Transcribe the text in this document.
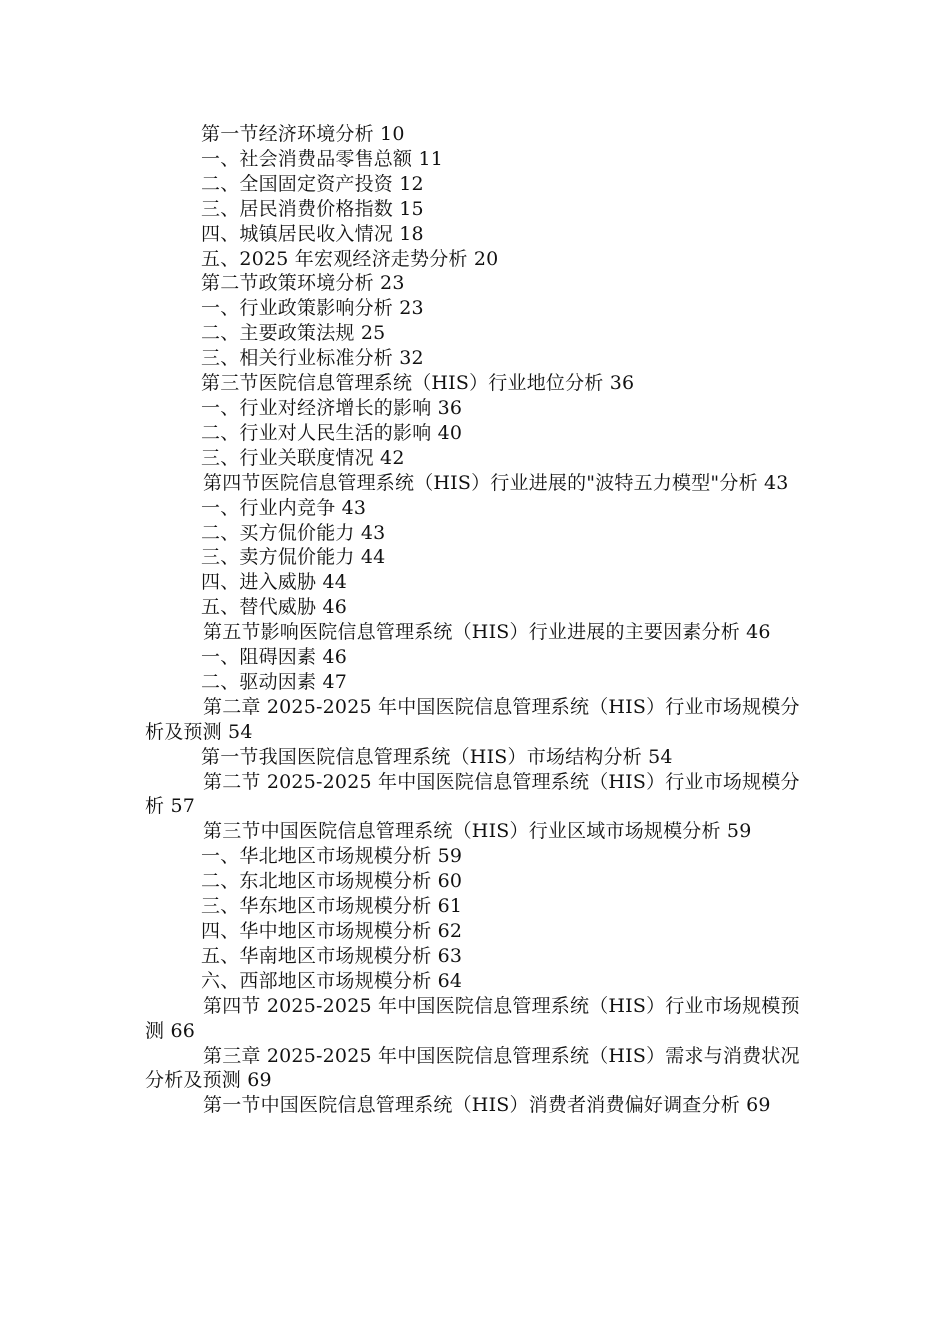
第一节经济环境分析 10

一、社会消费品零售总额 11

二、全国固定资产投资 12

三、居民消费价格指数 15

四、城镇居民收入情况 18

五、2025 年宏观经济走势分析 20

第二节政策环境分析 23

一、行业政策影响分析 23

二、主要政策法规 25

三、相关行业标准分析 32

第三节医院信息管理系统（HIS）行业地位分析 36

一、行业对经济增长的影响 36

二、行业对人民生活的影响 40

三、行业关联度情况 42

第四节医院信息管理系统（HIS）行业进展的"波特五力模型"分析 43

一、行业内竞争 43

二、买方侃价能力 43

三、卖方侃价能力 44

四、进入威胁 44

五、替代威胁 46

第五节影响医院信息管理系统（HIS）行业进展的主要因素分析 46

一、阻碍因素 46

二、驱动因素 47

第二章 2025-2025 年中国医院信息管理系统（HIS）行业市场规模分析及预测 54

第一节我国医院信息管理系统（HIS）市场结构分析 54

第二节 2025-2025 年中国医院信息管理系统（HIS）行业市场规模分析 57

第三节中国医院信息管理系统（HIS）行业区域市场规模分析 59

一、华北地区市场规模分析 59

二、东北地区市场规模分析 60

三、华东地区市场规模分析 61

四、华中地区市场规模分析 62

五、华南地区市场规模分析 63

六、西部地区市场规模分析 64

第四节 2025-2025 年中国医院信息管理系统（HIS）行业市场规模预测 66

第三章 2025-2025 年中国医院信息管理系统（HIS）需求与消费状况分析及预测 69

第一节中国医院信息管理系统（HIS）消费者消费偏好调查分析 69
